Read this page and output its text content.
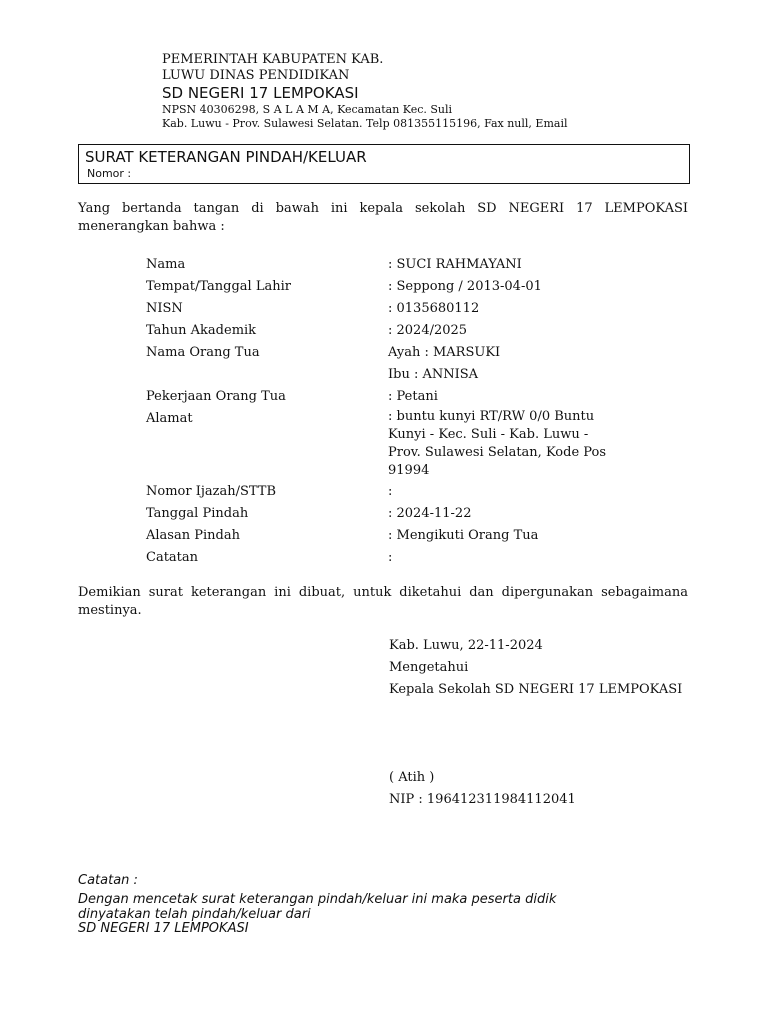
PEMERINTAH KABUPATEN KAB.
LUWU DINAS PENDIDIKAN
SD NEGERI 17 LEMPOKASI
NPSN 40306298, S A L A M A, Kecamatan Kec. Suli
Kab. Luwu - Prov. Sulawesi Selatan. Telp 081355115196, Fax null, Email
SURAT KETERANGAN PINDAH/KELUAR
Nomor :
Yang bertanda tangan di bawah ini kepala sekolah SD NEGERI 17 LEMPOKASI menerangkan bahwa :
Nama	: SUCI RAHMAYANI
Tempat/Tanggal Lahir	: Seppong / 2013-04-01
NISN	: 0135680112
Tahun Akademik	: 2024/2025
Nama Orang Tua	Ayah : MARSUKI
Ibu : ANNISA
Pekerjaan Orang Tua	: Petani
Alamat	: buntu kunyi RT/RW 0/0 Buntu
Kunyi - Kec. Suli - Kab. Luwu -
Prov. Sulawesi Selatan, Kode Pos
91994
Nomor Ijazah/STTB	:
Tanggal Pindah	: 2024-11-22
Alasan Pindah	: Mengikuti Orang Tua
Catatan	:
Demikian surat keterangan ini dibuat, untuk diketahui dan dipergunakan sebagaimana mestinya.
Kab. Luwu, 22-11-2024
Mengetahui
Kepala Sekolah SD NEGERI 17 LEMPOKASI
( Atih )
NIP : 196412311984112041
Catatan :
Dengan mencetak surat keterangan pindah/keluar ini maka peserta didik
dinyatakan telah pindah/keluar dari
SD NEGERI 17 LEMPOKASI
